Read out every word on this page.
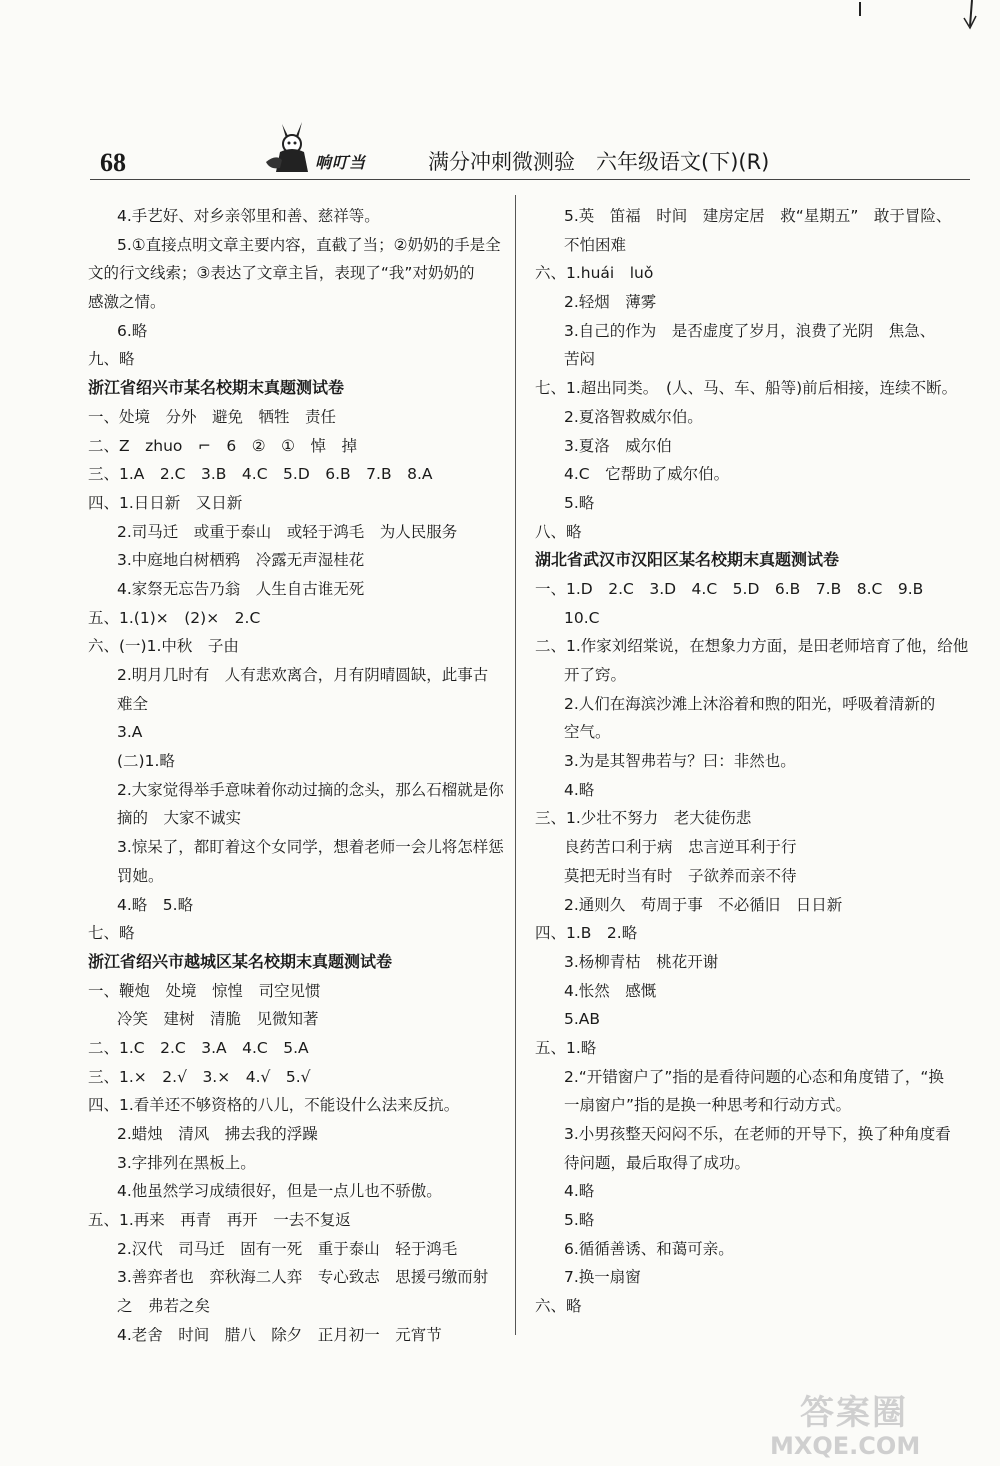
68	响叮当	满分冲刺微测验　六年级语文(下)(R)
4.手艺好、对乡亲邻里和善、慈祥等。
5.①直接点明文章主要内容，直截了当；②奶奶的手是全
文的行文线索；③表达了文章主旨，表现了“我”对奶奶的
感激之情。
6.略
九、略
浙江省绍兴市某名校期末真题测试卷
一、处境　分外　避免　牺牲　责任
二、Z　zhuo　⌐　6　②　①　悼　掉
三、1.A　2.C　3.B　4.C　5.D　6.B　7.B　8.A
四、1.日日新　又日新
2.司马迁　或重于泰山　或轻于鸿毛　为人民服务
3.中庭地白树栖鸦　冷露无声湿桂花
4.家祭无忘告乃翁　人生自古谁无死
五、1.(1)×　(2)×　2.C
六、(一)1.中秋　子由
2.明月几时有　人有悲欢离合，月有阴晴圆缺，此事古
难全
3.A
(二)1.略
2.大家觉得举手意味着你动过摘的念头，那么石榴就是你
摘的　大家不诚实
3.惊呆了，都盯着这个女同学，想着老师一会儿将怎样惩
罚她。
4.略　5.略
七、略
浙江省绍兴市越城区某名校期末真题测试卷
一、鞭炮　处境　惊惶　司空见惯
冷笑　建树　清脆　见微知著
二、1.C　2.C　3.A　4.C　5.A
三、1.×　2.√　3.×　4.√　5.√
四、1.看羊还不够资格的八儿，不能设什么法来反抗。
2.蜡烛　清风　拂去我的浮躁
3.字排列在黑板上。
4.他虽然学习成绩很好，但是一点儿也不骄傲。
五、1.再来　再青　再开　一去不复返
2.汉代　司马迁　固有一死　重于泰山　轻于鸿毛
3.善弈者也　弈秋海二人弈　专心致志　思援弓缴而射
之　弗若之矣
4.老舍　时间　腊八　除夕　正月初一　元宵节
5.英　笛福　时间　建房定居　救“星期五”　敢于冒险、
不怕困难
六、1.huái　luǒ
2.轻烟　薄雾
3.自己的作为　是否虚度了岁月，浪费了光阴　焦急、
苦闷
七、1.超出同类。　(人、马、车、船等)前后相接，连续不断。
2.夏洛智救威尔伯。
3.夏洛　威尔伯
4.C　它帮助了威尔伯。
5.略
八、略
湖北省武汉市汉阳区某名校期末真题测试卷
一、1.D　2.C　3.D　4.C　5.D　6.B　7.B　8.C　9.B
10.C
二、1.作家刘绍棠说，在想象力方面，是田老师培育了他，给他
开了窍。
2.人们在海滨沙滩上沐浴着和煦的阳光，呼吸着清新的
空气。
3.为是其智弗若与？曰：非然也。
4.略
三、1.少壮不努力　老大徒伤悲
良药苦口利于病　忠言逆耳利于行
莫把无时当有时　子欲养而亲不待
2.通则久　苟周于事　不必循旧　日日新
四、1.B　2.略
3.杨柳青枯　桃花开谢
4.怅然　感慨
5.AB
五、1.略
2.“开错窗户了”指的是看待问题的心态和角度错了，“换
一扇窗户”指的是换一种思考和行动方式。
3.小男孩整天闷闷不乐，在老师的开导下，换了种角度看
待问题，最后取得了成功。
4.略
5.略
6.循循善诱、和蔼可亲。
7.换一扇窗
六、略
答案圈
MXQE.COM
